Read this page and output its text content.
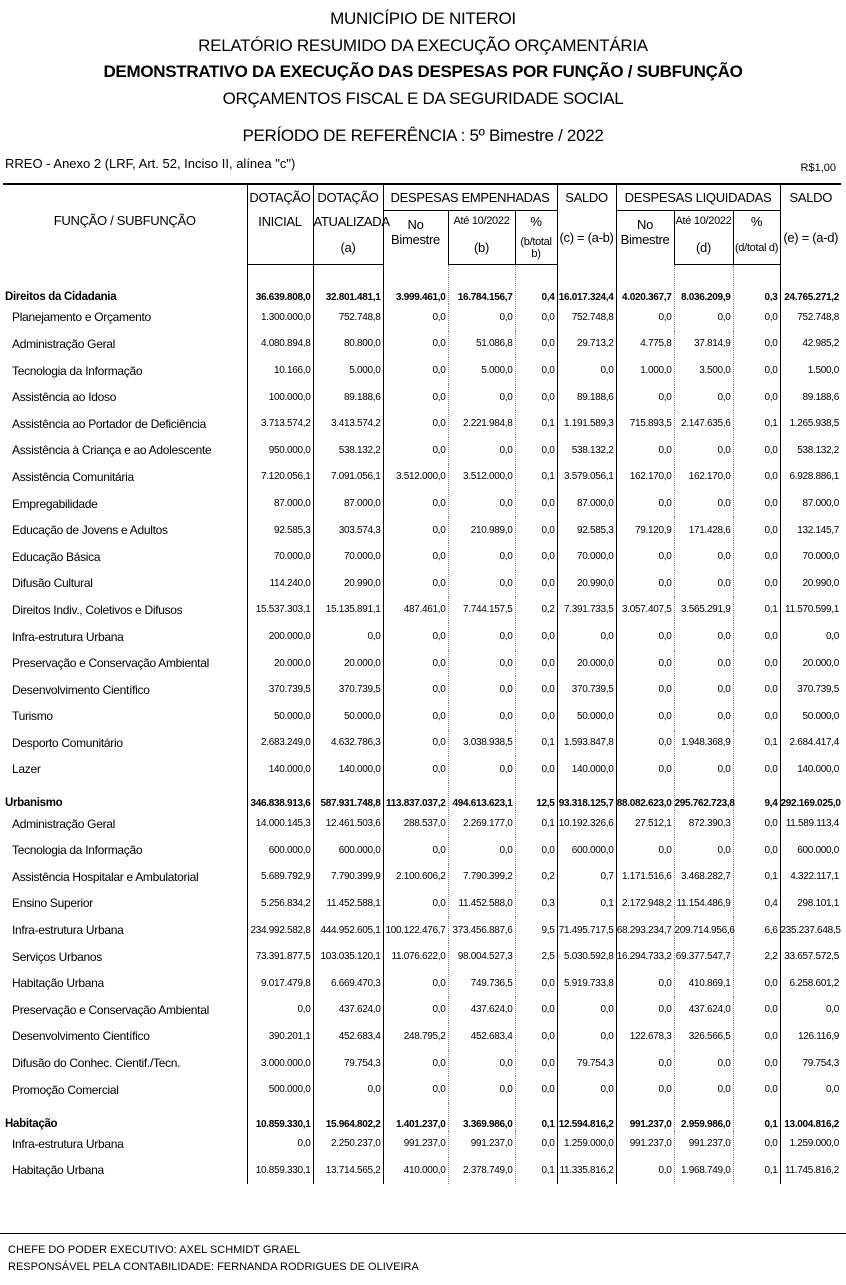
MUNICÍPIO DE NITEROI
RELATÓRIO RESUMIDO DA EXECUÇÃO ORÇAMENTÁRIA
DEMONSTRATIVO DA EXECUÇÃO DAS DESPESAS POR FUNÇÃO / SUBFUNÇÃO
ORÇAMENTOS FISCAL E DA SEGURIDADE SOCIAL
PERÍODO DE REFERÊNCIA : 5º Bimestre / 2022
RREO - Anexo 2 (LRF, Art. 52, Inciso II, alínea "c")	R$1,00
FUNÇÃO / SUBFUNÇÃO	DOTAÇÃO	DOTAÇÃO	DESPESAS EMPENHADAS			SALDO	DESPESAS LIQUIDADAS			SALDO
	INICIAL	ATUALIZADA	No Bimestre	Até 10/2022	%	(c) = (a-b)	No Bimestre	Até 10/2022	%	(e) = (a-d)
		(a)		(b)	(b/total b)			(d)	(d/total d)	

Direitos da Cidadania	36.639.808,0	32.801.481,1	3.999.461,0	16.784.156,7	0,4	16.017.324,4	4.020.367,7	8.036.209,9	0,3	24.765.271,2
Planejamento e Orçamento	1.300.000,0	752.748,8	0,0	0,0	0,0	752.748,8	0,0	0,0	0,0	752.748,8
Administração Geral	4.080.894,8	80.800,0	0,0	51.086,8	0,0	29.713,2	4.775,8	37.814,9	0,0	42.985,2
Tecnologia da Informação	10.166,0	5.000,0	0,0	5.000,0	0,0	0,0	1.000,0	3.500,0	0,0	1.500,0
Assistência ao Idoso	100.000,0	89.188,6	0,0	0,0	0,0	89.188,6	0,0	0,0	0,0	89.188,6
Assistência ao Portador de Deficiência	3.713.574,2	3.413.574,2	0,0	2.221.984,8	0,1	1.191.589,3	715.893,5	2.147.635,6	0,1	1.265.938,5
Assistência à Criança e ao Adolescente	950.000,0	538.132,2	0,0	0,0	0,0	538.132,2	0,0	0,0	0,0	538.132,2
Assistência Comunitária	7.120.056,1	7.091.056,1	3.512.000,0	3.512.000,0	0,1	3.579.056,1	162.170,0	162.170,0	0,0	6.928.886,1
Empregabilidade	87.000,0	87.000,0	0,0	0,0	0,0	87.000,0	0,0	0,0	0,0	87.000,0
Educação de Jovens e Adultos	92.585,3	303.574,3	0,0	210.989,0	0,0	92.585,3	79.120,9	171.428,6	0,0	132.145,7
Educação Básica	70.000,0	70.000,0	0,0	0,0	0,0	70.000,0	0,0	0,0	0,0	70.000,0
Difusão Cultural	114.240,0	20.990,0	0,0	0,0	0,0	20.990,0	0,0	0,0	0,0	20.990,0
Direitos Indiv., Coletivos e Difusos	15.537.303,1	15.135.891,1	487.461,0	7.744.157,5	0,2	7.391.733,5	3.057.407,5	3.565.291,9	0,1	11.570.599,1
Infra-estrutura Urbana	200.000,0	0,0	0,0	0,0	0,0	0,0	0,0	0,0	0,0	0,0
Preservação e Conservação Ambiental	20.000,0	20.000,0	0,0	0,0	0,0	20.000,0	0,0	0,0	0,0	20.000,0
Desenvolvimento Científico	370.739,5	370.739,5	0,0	0,0	0,0	370.739,5	0,0	0,0	0,0	370.739,5
Turismo	50.000,0	50.000,0	0,0	0,0	0,0	50.000,0	0,0	0,0	0,0	50.000,0
Desporto Comunitário	2.683.249,0	4.632.786,3	0,0	3.038.938,5	0,1	1.593.847,8	0,0	1.948.368,9	0,1	2.684.417,4
Lazer	140.000,0	140.000,0	0,0	0,0	0,0	140.000,0	0,0	0,0	0,0	140.000,0
Urbanismo	346.838.913,6	587.931.748,8	113.837.037,2	494.613.623,1	12,5	93.318.125,7	88.082.623,0	295.762.723,8	9,4	292.169.025,0
Administração Geral	14.000.145,3	12.461.503,6	288.537,0	2.269.177,0	0,1	10.192.326,6	27.512,1	872.390,3	0,0	11.589.113,4
Tecnologia da Informação	600.000,0	600.000,0	0,0	0,0	0,0	600.000,0	0,0	0,0	0,0	600.000,0
Assistência Hospitalar e Ambulatorial	5.689.792,9	7.790.399,9	2.100.606,2	7.790.399,2	0,2	0,7	1.171.516,6	3.468.282,7	0,1	4.322.117,1
Ensino Superior	5.256.834,2	11.452.588,1	0,0	11.452.588,0	0,3	0,1	2.172.948,2	11.154.486,9	0,4	298.101,1
Infra-estrutura Urbana	234.992.582,8	444.952.605,1	100.122.476,7	373.456.887,6	9,5	71.495.717,5	68.293.234,7	209.714.956,6	6,6	235.237.648,5
Serviços Urbanos	73.391.877,5	103.035.120,1	11.076.622,0	98.004.527,3	2,5	5.030.592,8	16.294.733,2	69.377.547,7	2,2	33.657.572,5
Habitação Urbana	9.017.479,8	6.669.470,3	0,0	749.736,5	0,0	5.919.733,8	0,0	410.869,1	0,0	6.258.601,2
Preservação e Conservação Ambiental	0,0	437.624,0	0,0	437.624,0	0,0	0,0	0,0	437.624,0	0,0	0,0
Desenvolvimento Científico	390.201,1	452.683,4	248.795,2	452.683,4	0,0	0,0	122.678,3	326.566,5	0,0	126.116,9
Difusão do Conhec. Cientif./Tecn.	3.000.000,0	79.754,3	0,0	0,0	0,0	79.754,3	0,0	0,0	0,0	79.754,3
Promoção Comercial	500.000,0	0,0	0,0	0,0	0,0	0,0	0,0	0,0	0,0	0,0
Habitação	10.859.330,1	15.964.802,2	1.401.237,0	3.369.986,0	0,1	12.594.816,2	991.237,0	2.959.986,0	0,1	13.004.816,2
Infra-estrutura Urbana	0,0	2.250.237,0	991.237,0	991.237,0	0,0	1.259.000,0	991.237,0	991.237,0	0,0	1.259.000,0
Habitação Urbana	10.859.330,1	13.714.565,2	410.000,0	2.378.749,0	0,1	11.335.816,2	0,0	1.968.749,0	0,1	11.745.816,2
CHEFE DO PODER EXECUTIVO: AXEL SCHMIDT GRAEL
RESPONSÁVEL PELA CONTABILIDADE: FERNANDA RODRIGUES DE OLIVEIRA
